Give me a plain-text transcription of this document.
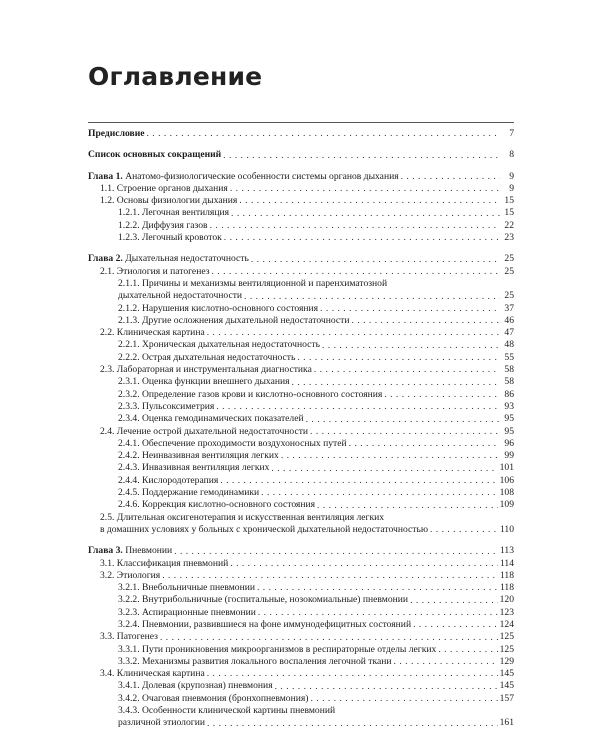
Оглавление
Предисловие . . .	7
Список основных сокращений . . .	8
Глава 1. Анатомо-физиологические особенности системы органов дыхания . . .	9
1.1. Строение органов дыхания . . .	9
1.2. Основы физиологии дыхания . . .	15
1.2.1. Легочная вентиляция . . .	15
1.2.2. Диффузия газов . . .	22
1.2.3. Легочный кровоток . . .	23
Глава 2. Дыхательная недостаточность . . .	25
2.1. Этиология и патогенез . . .	25
2.1.1. Причины и механизмы вентиляционной и паренхиматозной
дыхательной недостаточности . . .	25
2.1.2. Нарушения кислотно-основного состояния . . .	37
2.1.3. Другие осложнения дыхательной недостаточности . . .	46
2.2. Клиническая картина . . .	47
2.2.1. Хроническая дыхательная недостаточность . . .	48
2.2.2. Острая дыхательная недостаточность . . .	55
2.3. Лабораторная и инструментальная диагностика . . .	58
2.3.1. Оценка функции внешнего дыхания . . .	58
2.3.2. Определение газов крови и кислотно-основного состояния . . .	86
2.3.3. Пульсоксиметрия . . .	93
2.3.4. Оценка гемодинамических показателей . . .	95
2.4. Лечение острой дыхательной недостаточности . . .	95
2.4.1. Обеспечение проходимости воздухоносных путей . . .	96
2.4.2. Неинвазивная вентиляция легких . . .	99
2.4.3. Инвазивная вентиляция легких . . .	101
2.4.4. Кислородотерапия . . .	106
2.4.5. Поддержание гемодинамики . . .	108
2.4.6. Коррекция кислотно-основного состояния . . .	109
2.5. Длительная оксигенотерапия и искусственная вентиляция легких
в домашних условиях у больных с хронической дыхательной недостаточностью . . .	110
Глава 3. Пневмонии . . .	113
3.1. Классификация пневмоний . . .	114
3.2. Этиология . . .	118
3.2.1. Внебольничные пневмонии . . .	118
3.2.2. Внутрибольничные (госпитальные, нозокомиальные) пневмонии . . .	120
3.2.3. Аспирационные пневмонии . . .	123
3.2.4. Пневмонии, развившиеся на фоне иммунодефицитных состояний . . .	124
3.3. Патогенез . . .	125
3.3.1. Пути проникновения микроорганизмов в респираторные отделы легких . . .	125
3.3.2. Механизмы развития локального воспаления легочной ткани . . .	129
3.4. Клиническая картина . . .	145
3.4.1. Долевая (крупозная) пневмония . . .	145
3.4.2. Очаговая пневмония (бронхопневмония) . . .	157
3.4.3. Особенности клинической картины пневмоний
различной этиологии . . .	161
